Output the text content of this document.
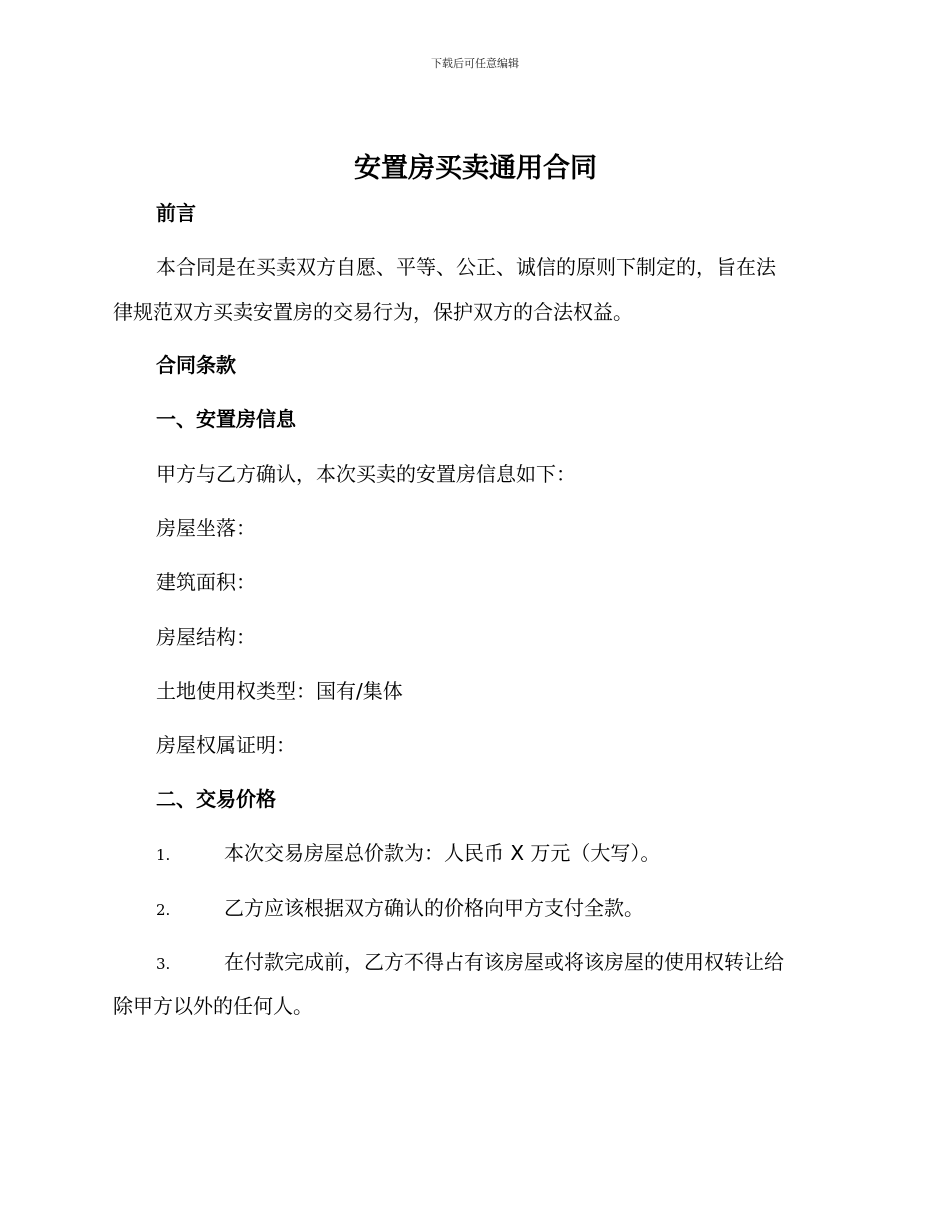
下载后可任意编辑
安置房买卖通用合同
前言
本合同是在买卖双方自愿、平等、公正、诚信的原则下制定的，旨在法
律规范双方买卖安置房的交易行为，保护双方的合法权益。
合同条款
一、安置房信息
甲方与乙方确认，本次买卖的安置房信息如下：
房屋坐落：
建筑面积：
房屋结构：
土地使用权类型：国有/集体
房屋权属证明：
二、交易价格
1.	本次交易房屋总价款为：人民币 X 万元（大写）。
2.	乙方应该根据双方确认的价格向甲方支付全款。
3.	在付款完成前，乙方不得占有该房屋或将该房屋的使用权转让给
除甲方以外的任何人。
